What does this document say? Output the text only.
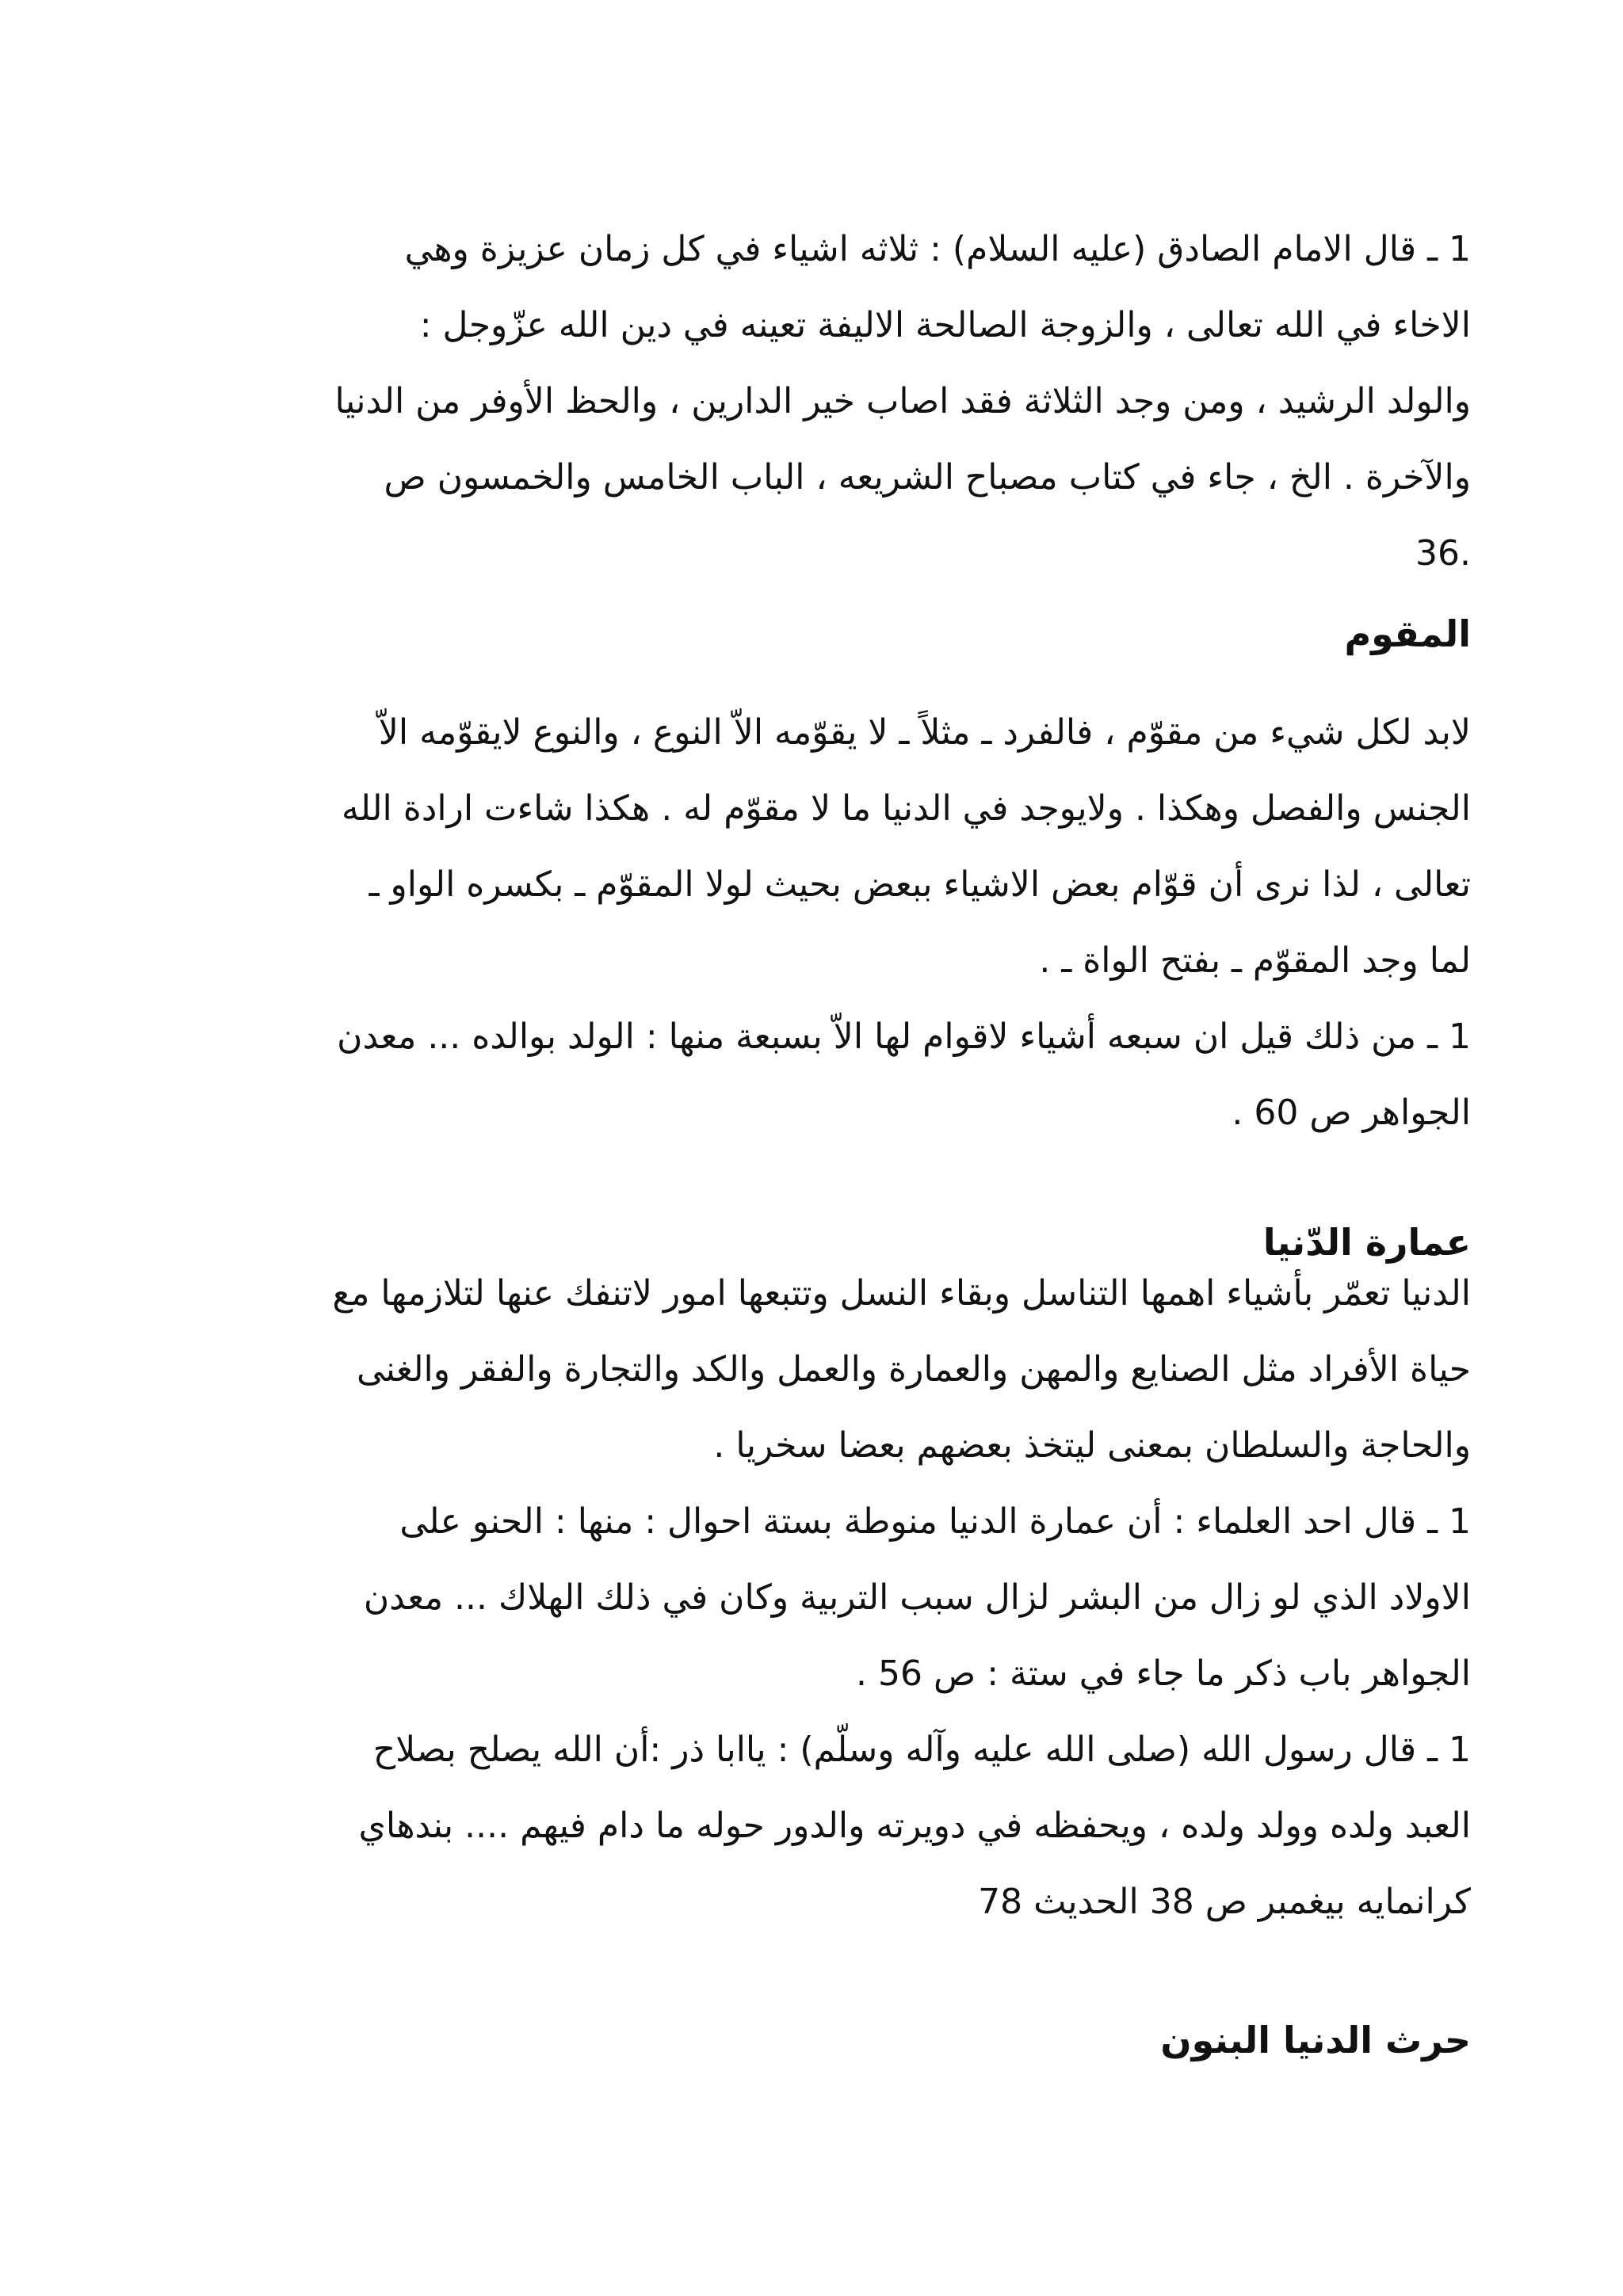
1 ـ قال الامام الصادق (عليه السلام) : ثلاثه اشياء في كل زمان عزيزة وهي
الاخاء في الله تعالى ، والزوجة الصالحة الاليفة تعينه في دين الله عزّوجل :
والولد الرشيد ، ومن وجد الثلاثة فقد اصاب خير الدارين ، والحظ الأوفر من الدنيا
والآخرة . الخ ، جاء في كتاب مصباح الشريعه ، الباب الخامس والخمسون ص
36.
المقوم
لابد لكل شيء من مقوّم ، فالفرد ـ مثلاً ـ لا يقوّمه الاّ النوع ، والنوع لايقوّمه الاّ
الجنس والفصل وهكذا . ولايوجد في الدنيا ما لا مقوّم له . هكذا شاءت ارادة الله
تعالى ، لذا نرى أن قوّام بعض الاشياء ببعض بحيث لولا المقوّم ـ بكسره الواو ـ
لما وجد المقوّم ـ بفتح الواة ـ .
1 ـ من ذلك قيل ان سبعه أشياء لاقوام لها الاّ بسبعة منها : الولد بوالده ... معدن
الجواهر ص 60 .
عمارة الدّنيا
الدنيا تعمّر بأشياء اهمها التناسل وبقاء النسل وتتبعها امور لاتنفك عنها لتلازمها مع
حياة الأفراد مثل الصنايع والمهن والعمارة والعمل والكد والتجارة والفقر والغنى
والحاجة والسلطان بمعنى ليتخذ بعضهم بعضا سخريا .
1 ـ قال احد العلماء : أن عمارة الدنيا منوطة بستة احوال : منها : الحنو على
الاولاد الذي لو زال من البشر لزال سبب التربية وكان في ذلك الهلاك ... معدن
الجواهر باب ذكر ما جاء في ستة : ص 56 .
1 ـ قال رسول الله (صلى الله عليه وآله وسلّم) : ياابا ذر :أن الله يصلح بصلاح
العبد ولده وولد ولده ، ويحفظه في دويرته والدور حوله ما دام فيهم .... بندهاي
كرانمايه بيغمبر ص 38 الحديث 78
حرث الدنيا البنون
